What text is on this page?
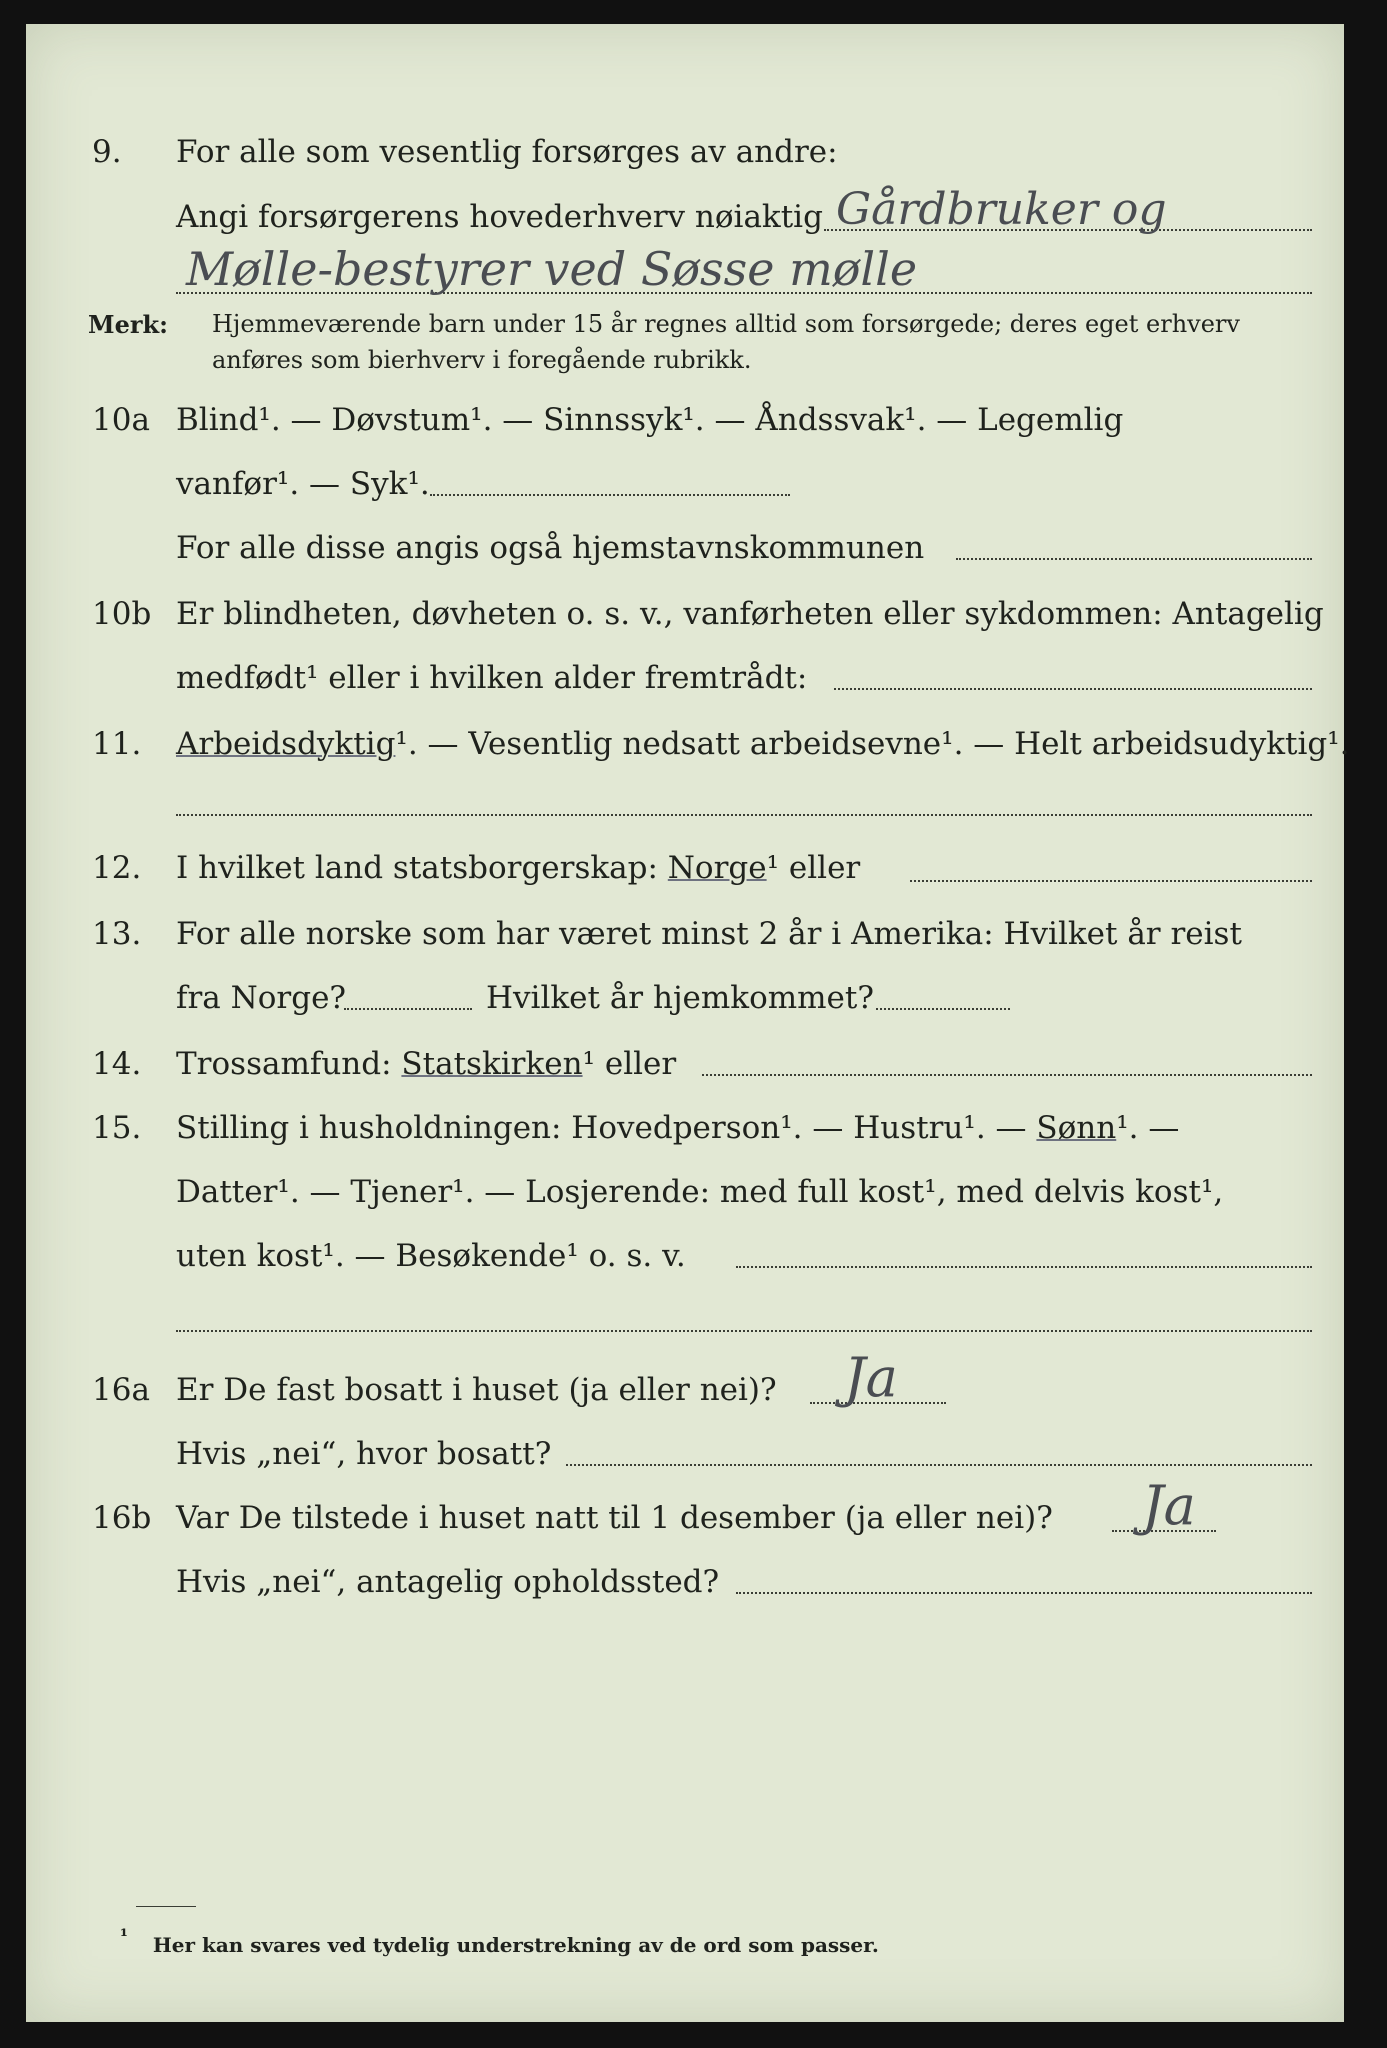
9. For alle som vesentlig forsørges av andre:
Angi forsørgerens hovederhverv nøiaktig Gårdbruker og
Mølle-bestyrer ved Søsse mølle
Merk: Hjemmeværende barn under 15 år regnes alltid som forsørgede; deres eget erhverv
anføres som bierhverv i foregående rubrikk.
10a Blind¹. — Døvstum¹. — Sinnssyk¹. — Åndssvak¹. — Legemlig
vanfør¹. — Syk¹.
For alle disse angis også hjemstavnskommunen
10b Er blindheten, døvheten o. s. v., vanførheten eller sykdommen: Antagelig
medfødt¹ eller i hvilken alder fremtrådt:
11. Arbeidsdyktig¹. — Vesentlig nedsatt arbeidsevne¹. — Helt arbeidsudyktig¹.
12. I hvilket land statsborgerskap: Norge¹ eller
13. For alle norske som har været minst 2 år i Amerika: Hvilket år reist
fra Norge?	Hvilket år hjemkommet?
14. Trossamfund: Statskirken¹ eller
15. Stilling i husholdningen: Hovedperson¹. — Hustru¹. — Sønn¹. —
Datter¹. — Tjener¹. — Losjerende: med full kost¹, med delvis kost¹,
uten kost¹. — Besøkende¹ o. s. v.
16a Er De fast bosatt i huset (ja eller nei)? Ja
Hvis „nei“, hvor bosatt?
16b Var De tilstede i huset natt til 1 desember (ja eller nei)? Ja
Hvis „nei“, antagelig opholdssted?
¹ Her kan svares ved tydelig understrekning av de ord som passer.
